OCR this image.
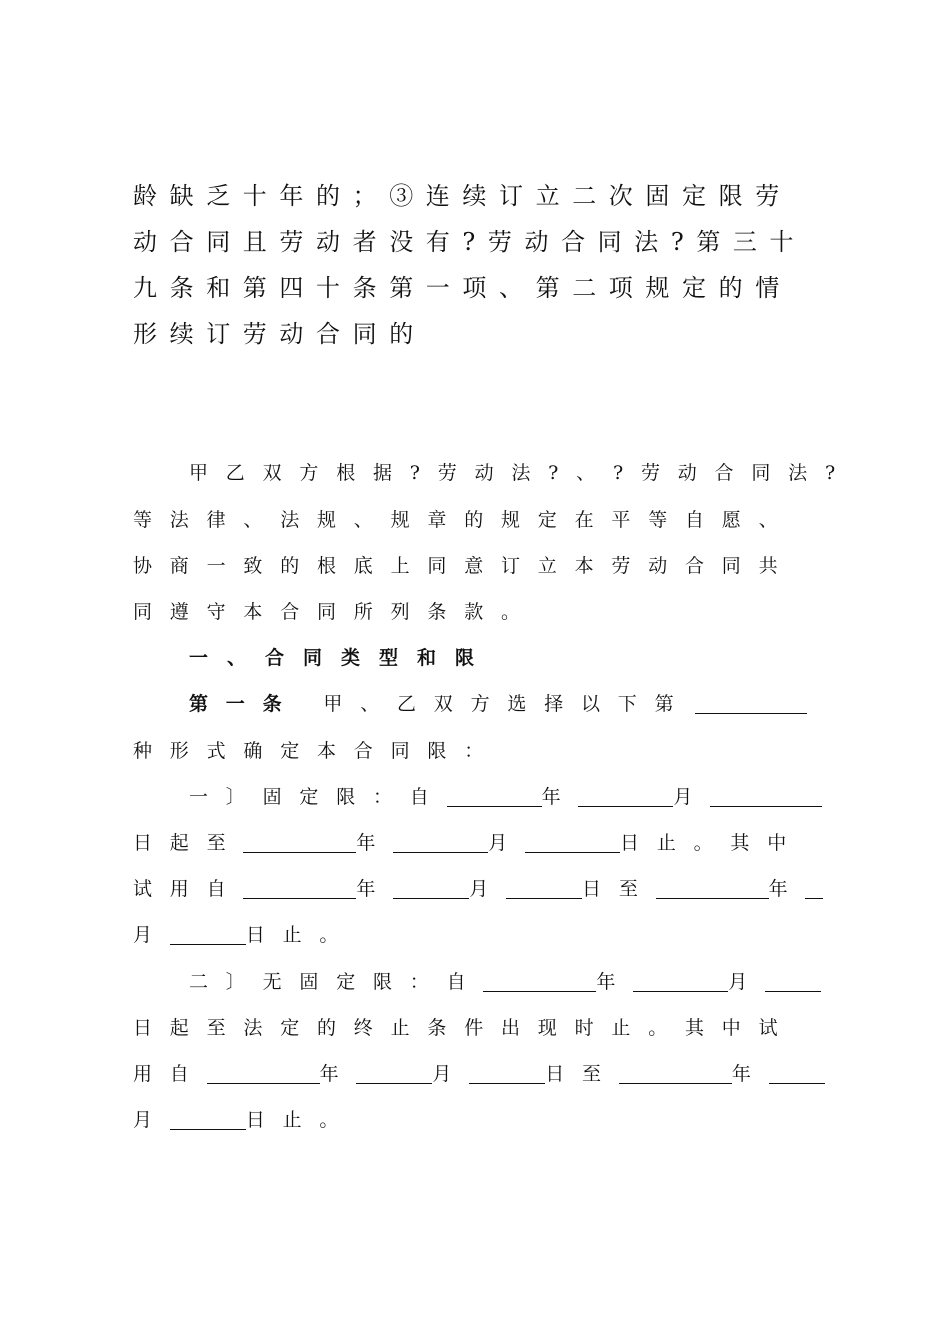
龄缺乏十年的；③连续订立二次固定限劳
动合同且劳动者没有?劳动合同法?第三十
九条和第四十条第一项、第二项规定的情
形续订劳动合同的
甲乙双方根据?劳动法?、?劳动合同法?
等法律、法规、规章的规定在平等自愿、
协商一致的根底上同意订立本劳动合同共
同遵守本合同所列条款。
一、合同类型和限
第一条 甲、乙双方选择以下第
种形式确定本合同限：
一〕固定限：自	年	月
日起至	年	月	日止。其中
试用自	年	月	日至	年
月	日止。
二〕无固定限：自	年	月
日起至法定的终止条件出现时止。其中试
用自	年	月	日至	年
月	日止。
